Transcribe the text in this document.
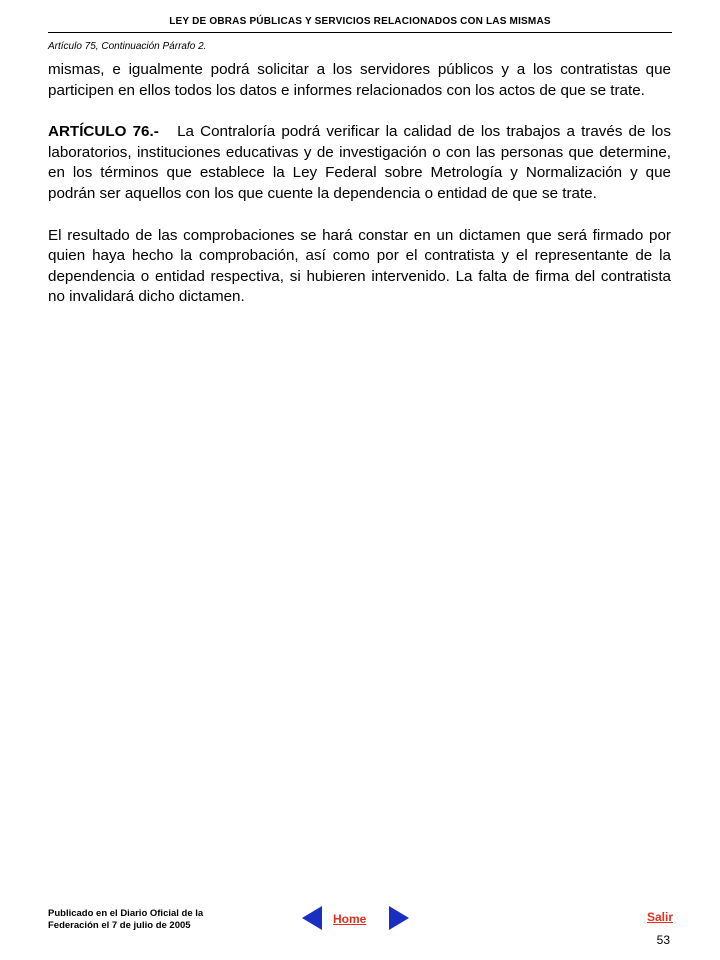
LEY DE OBRAS PÚBLICAS Y SERVICIOS RELACIONADOS CON LAS MISMAS
Artículo 75, Continuación Párrafo 2.

mismas, e igualmente podrá solicitar a los servidores públicos y a los contratistas que participen en ellos todos los datos e informes relacionados con los actos de que se trate.

ARTÍCULO 76.- La Contraloría podrá verificar la calidad de los trabajos a través de los laboratorios, instituciones educativas y de investigación o con las personas que determine, en los términos que establece la Ley Federal sobre Metrología y Normalización y que podrán ser aquellos con los que cuente la dependencia o entidad de que se trate.

El resultado de las comprobaciones se hará constar en un dictamen que será firmado por quien haya hecho la comprobación, así como por el contratista y el representante de la dependencia o entidad respectiva, si hubieren intervenido. La falta de firma del contratista no invalidará dicho dictamen.

Publicado en el Diario Oficial de la
Federación el 7 de julio de 2005	Home	Salir
53
